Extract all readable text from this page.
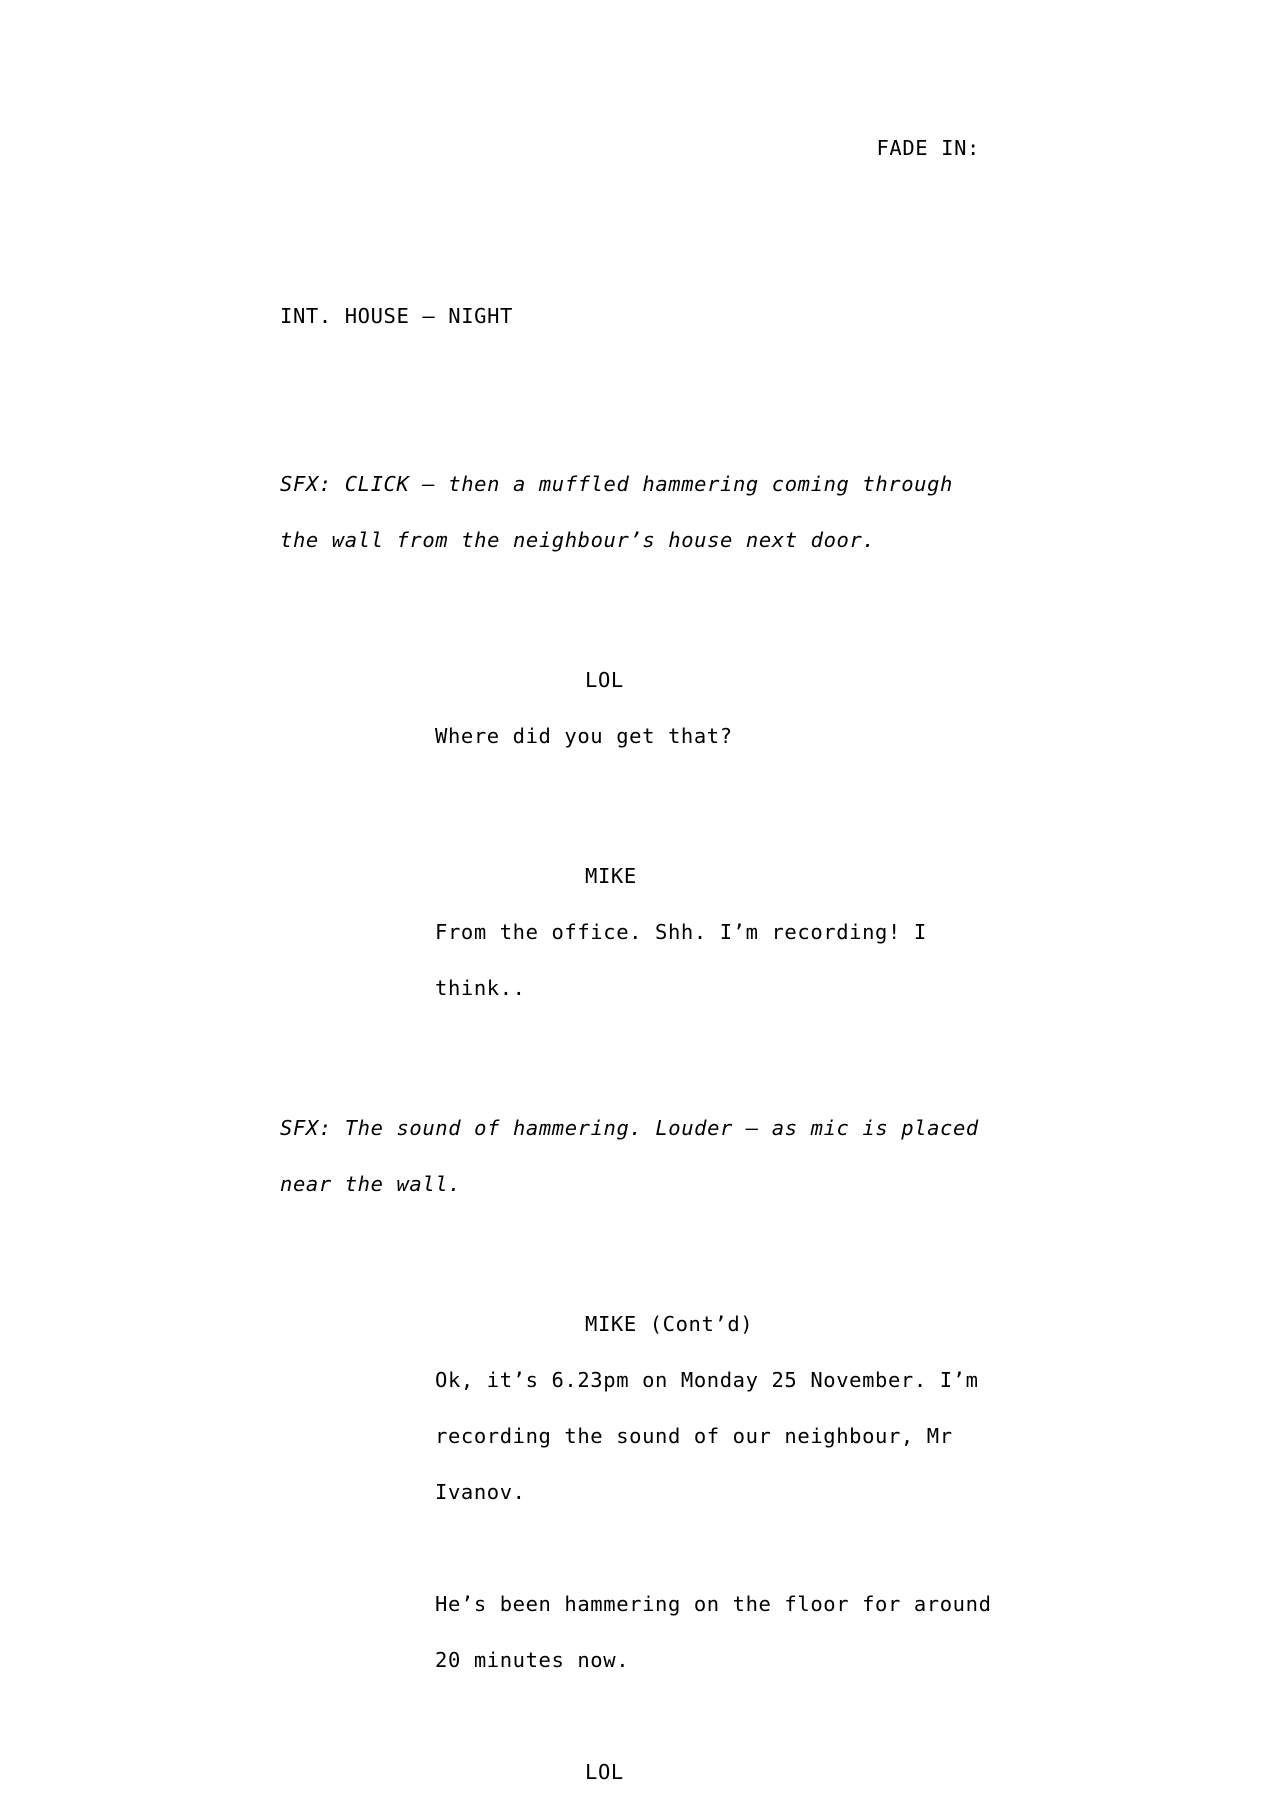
FADE IN:
INT. HOUSE — NIGHT
SFX: CLICK — then a muffled hammering coming through
the wall from the neighbour’s house next door.
LOL
Where did you get that?
MIKE
From the office. Shh. I’m recording! I
think..
SFX: The sound of hammering. Louder — as mic is placed
near the wall.
MIKE (Cont’d)
Ok, it’s 6.23pm on Monday 25 November. I’m
recording the sound of our neighbour, Mr
Ivanov.
He’s been hammering on the floor for around
20 minutes now.
LOL
